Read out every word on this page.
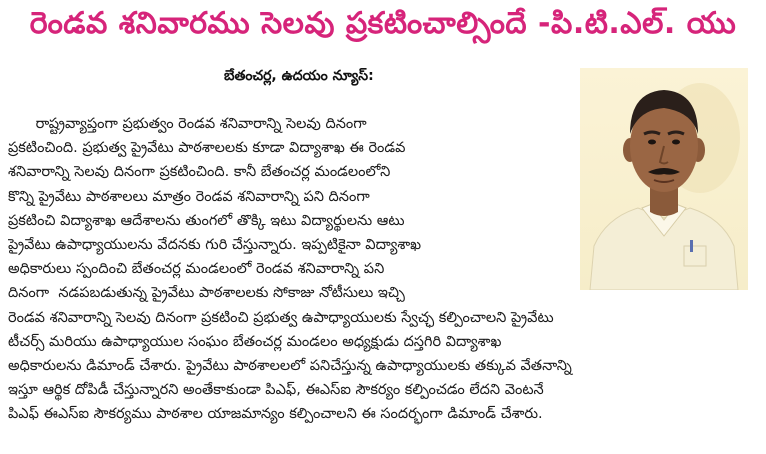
రెండవ శనివారము సెలవు ప్రకటించాల్సిందే -పి.టి.ఎల్. యు
బేతంచర్ల, ఉదయం న్యూస్:
రాష్ట్రవ్యాప్తంగా ప్రభుత్వం రెండవ శనివారాన్ని సెలవు దినంగా
ప్రకటించింది. ప్రభుత్వ ప్రైవేటు పాఠశాలలకు కూడా విద్యాశాఖ ఈ రెండవ
శనివారాన్ని సెలవు దినంగా ప్రకటించింది. కానీ బేతంచర్ల మండలంలోని
కొన్ని ప్రైవేటు పాఠశాలలు మాత్రం రెండవ శనివారాన్ని పని దినంగా
ప్రకటించి విద్యాశాఖ ఆదేశాలను తుంగలో తొక్కి ఇటు విద్యార్థులను ఆటు
ప్రైవేటు ఉపాధ్యాయులను వేదనకు గురి చేస్తున్నారు. ఇప్పటికైనా విద్యాశాఖ
అధికారులు స్పందించి బేతంచర్ల మండలంలో రెండవ శనివారాన్ని పని
దినంగా  నడపబడుతున్న ప్రైవేటు పాఠశాలలకు సోకాజు నోటీసులు ఇచ్చి
రెండవ శనివారాన్ని సెలవు దినంగా ప్రకటించి ప్రభుత్వ ఉపాధ్యాయులకు స్వేచ్ఛ కల్పించాలని ప్రైవేటు
టీచర్స్ మరియు ఉపాధ్యాయుల సంఘం బేతంచర్ల మండలం అధ్యక్షుడు దస్తగిరి విద్యాశాఖ
అధికారులను డిమాండ్ చేశారు. ప్రైవేటు పాఠశాలలలో పనిచేస్తున్న ఉపాధ్యాయులకు తక్కువ వేతనాన్ని
ఇస్తూ ఆర్థిక దోపిడీ చేస్తున్నారని అంతేకాకుండా పిఎఫ్, ఈఎస్ఐ సౌకర్యం కల్పించడం లేదని వెంటనే
పిఎఫ్ ఈఎస్ఐ సౌకర్యము పాఠశాల యాజమాన్యం కల్పించాలని ఈ సందర్భంగా డిమాండ్ చేశారు.
